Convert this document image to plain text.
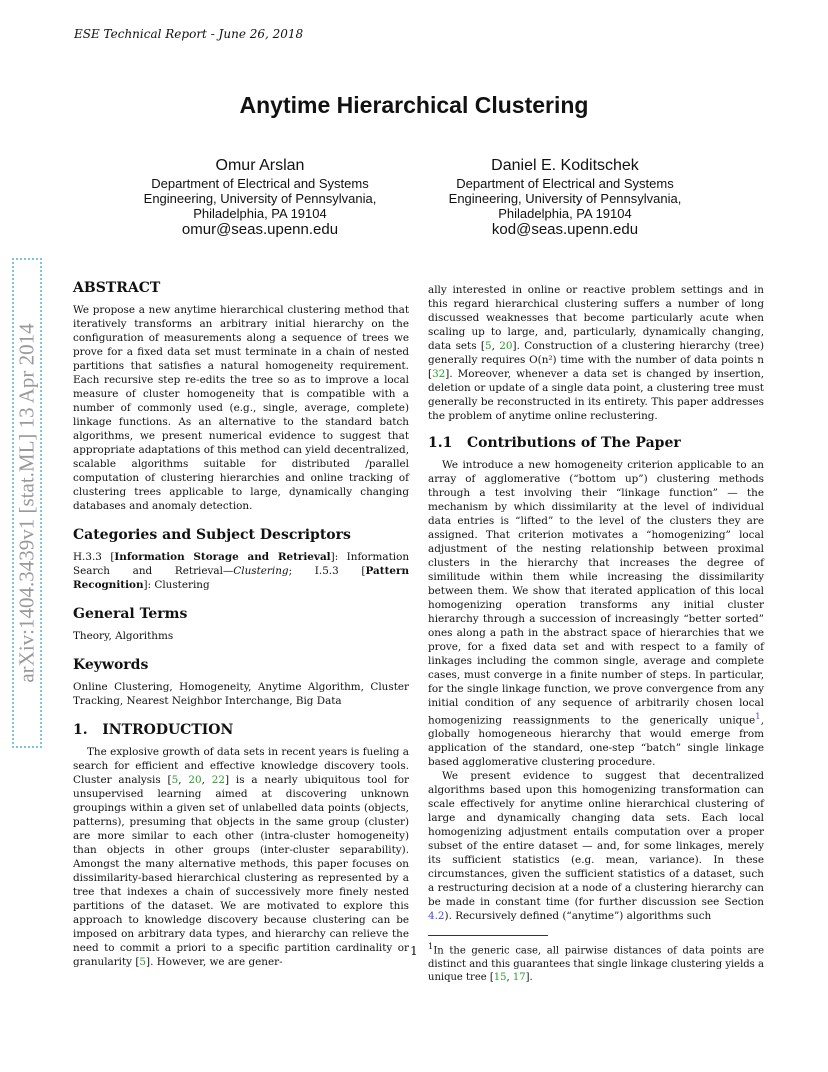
ESE Technical Report - June 26, 2018
Anytime Hierarchical Clustering
Omur Arslan
Department of Electrical and Systems
Engineering, University of Pennsylvania,
Philadelphia, PA 19104
omur@seas.upenn.edu
Daniel E. Koditschek
Department of Electrical and Systems
Engineering, University of Pennsylvania,
Philadelphia, PA 19104
kod@seas.upenn.edu
arXiv:1404.3439v1 [stat.ML] 13 Apr 2014
ABSTRACT

We propose a new anytime hierarchical clustering method that iteratively transforms an arbitrary initial hierarchy on the configuration of measurements along a sequence of trees we prove for a fixed data set must terminate in a chain of nested partitions that satisfies a natural homogeneity requirement. Each recursive step re-edits the tree so as to improve a local measure of cluster homogeneity that is compatible with a number of commonly used (e.g., single, average, complete) linkage functions. As an alternative to the standard batch algorithms, we present numerical evidence to suggest that appropriate adaptations of this method can yield decentralized, scalable algorithms suitable for distributed /parallel computation of clustering hierarchies and online tracking of clustering trees applicable to large, dynamically changing databases and anomaly detection.

Categories and Subject Descriptors

H.3.3 [Information Storage and Retrieval]: Information Search and Retrieval—Clustering; I.5.3 [Pattern Recognition]: Clustering

General Terms

Theory, Algorithms

Keywords

Online Clustering, Homogeneity, Anytime Algorithm, Cluster Tracking, Nearest Neighbor Interchange, Big Data

1.   INTRODUCTION

The explosive growth of data sets in recent years is fueling a search for efficient and effective knowledge discovery tools. Cluster analysis [5, 20, 22] is a nearly ubiquitous tool for unsupervised learning aimed at discovering unknown groupings within a given set of unlabelled data points (objects, patterns), presuming that objects in the same group (cluster) are more similar to each other (intra-cluster homogeneity) than objects in other groups (inter-cluster separability). Amongst the many alternative methods, this paper focuses on dissimilarity-based hierarchical clustering as represented by a tree that indexes a chain of successively more finely nested partitions of the dataset. We are motivated to explore this approach to knowledge discovery because clustering can be imposed on arbitrary data types, and hierarchy can relieve the need to commit a priori to a specific partition cardinality or granularity [5]. However, we are gener-

ally interested in online or reactive problem settings and in this regard hierarchical clustering suffers a number of long discussed weaknesses that become particularly acute when scaling up to large, and, particularly, dynamically changing, data sets [5, 20]. Construction of a clustering hierarchy (tree) generally requires O(n²) time with the number of data points n [32]. Moreover, whenever a data set is changed by insertion, deletion or update of a single data point, a clustering tree must generally be reconstructed in its entirety. This paper addresses the problem of anytime online reclustering.

1.1   Contributions of The Paper

We introduce a new homogeneity criterion applicable to an array of agglomerative (“bottom up”) clustering methods through a test involving their “linkage function” — the mechanism by which dissimilarity at the level of individual data entries is “lifted” to the level of the clusters they are assigned. That criterion motivates a “homogenizing” local adjustment of the nesting relationship between proximal clusters in the hierarchy that increases the degree of similitude within them while increasing the dissimilarity between them. We show that iterated application of this local homogenizing operation transforms any initial cluster hierarchy through a succession of increasingly “better sorted” ones along a path in the abstract space of hierarchies that we prove, for a fixed data set and with respect to a family of linkages including the common single, average and complete cases, must converge in a finite number of steps. In particular, for the single linkage function, we prove convergence from any initial condition of any sequence of arbitrarily chosen local homogenizing reassignments to the generically unique$^1$, globally homogeneous hierarchy that would emerge from application of the standard, one-step “batch” single linkage based agglomerative clustering procedure.

We present evidence to suggest that decentralized algorithms based upon this homogenizing transformation can scale effectively for anytime online hierarchical clustering of large and dynamically changing data sets. Each local homogenizing adjustment entails computation over a proper subset of the entire dataset — and, for some linkages, merely its sufficient statistics (e.g. mean, variance). In these circumstances, given the sufficient statistics of a dataset, such a restructuring decision at a node of a clustering hierarchy can be made in constant time (for further discussion see Section 4.2). Recursively defined (“anytime”) algorithms such

$^1$In the generic case, all pairwise distances of data points are distinct and this guarantees that single linkage clustering yields a unique tree [15, 17].

1
